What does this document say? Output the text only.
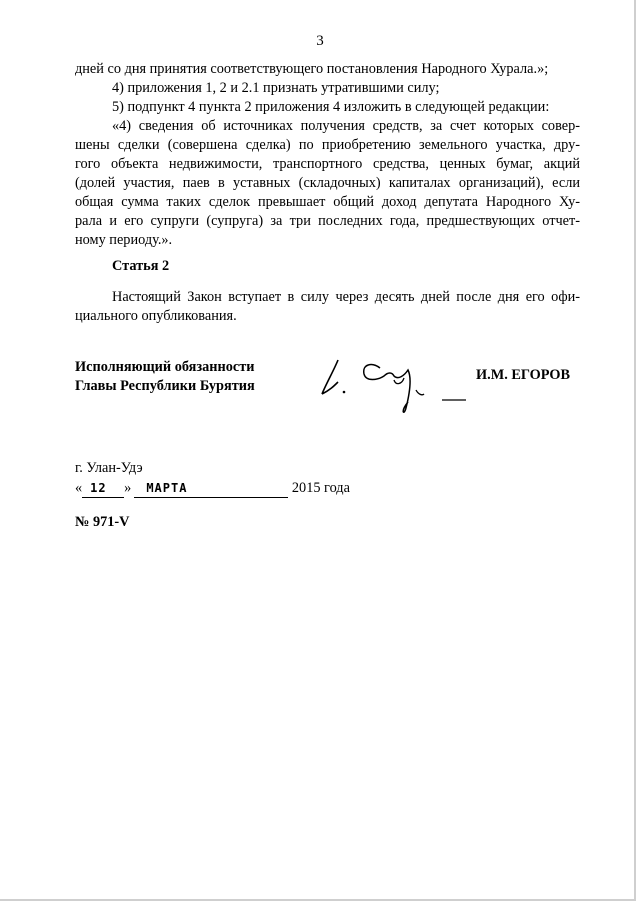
3
дней со дня принятия соответствующего постановления Народного Хурала.»;
4) приложения 1, 2 и 2.1 признать утратившими силу;
5) подпункт 4 пункта 2 приложения 4 изложить в следующей редакции:
«4) сведения об источниках получения средств, за счет которых совер-
шены сделки (совершена сделка) по приобретению земельного участка, дру-
гого объекта недвижимости, транспортного средства, ценных бумаг, акций
(долей участия, паев в уставных (складочных) капиталах организаций), если
общая сумма таких сделок превышает общий доход депутата Народного Ху-
рала и его супруги (супруга) за три последних года, предшествующих отчет-
ному периоду.».
Статья 2
Настоящий Закон вступает в силу через десять дней после дня его офи-
циального опубликования.
Исполняющий обязанности
Главы Республики Бурятия
И.М. ЕГОРОВ
г. Улан-Удэ
« 12 » МАРТА	2015 года
№ 971-V
